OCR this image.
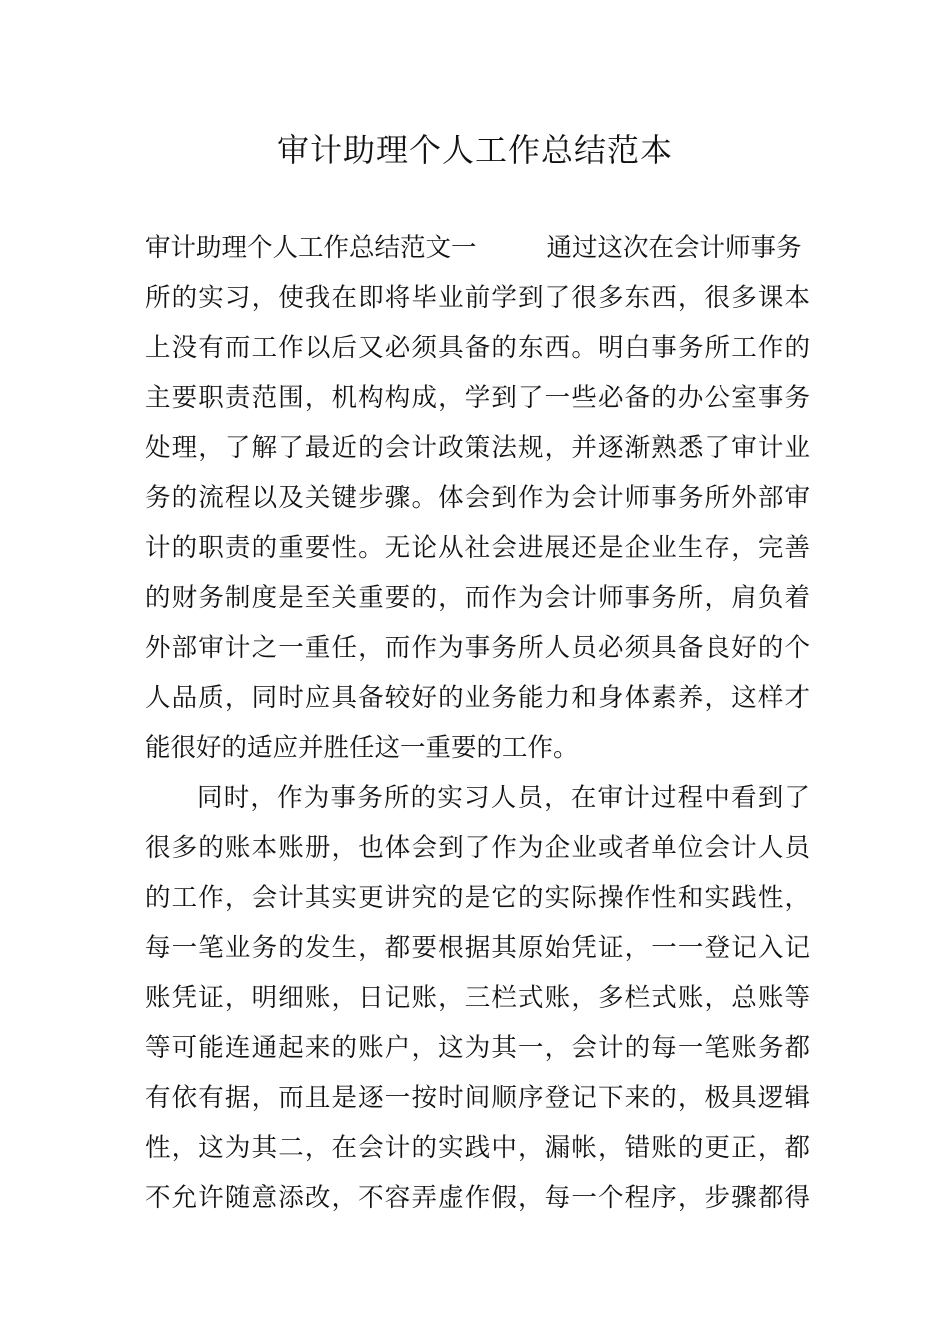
审计助理个人工作总结范本

审计助理个人工作总结范文一	通过这次在会计师事务

所的实习，使我在即将毕业前学到了很多东西，很多课本

上没有而工作以后又必须具备的东西。明白事务所工作的

主要职责范围，机构构成，学到了一些必备的办公室事务

处理，了解了最近的会计政策法规，并逐渐熟悉了审计业

务的流程以及关键步骤。体会到作为会计师事务所外部审

计的职责的重要性。无论从社会进展还是企业生存，完善

的财务制度是至关重要的，而作为会计师事务所，肩负着

外部审计之一重任，而作为事务所人员必须具备良好的个

人品质，同时应具备较好的业务能力和身体素养，这样才

能很好的适应并胜任这一重要的工作。

同时，作为事务所的实习人员，在审计过程中看到了

很多的账本账册，也体会到了作为企业或者单位会计人员

的工作，会计其实更讲究的是它的实际操作性和实践性，

每一笔业务的发生，都要根据其原始凭证，一一登记入记

账凭证，明细账，日记账，三栏式账，多栏式账，总账等

等可能连通起来的账户，这为其一，会计的每一笔账务都

有依有据，而且是逐一按时间顺序登记下来的，极具逻辑

性，这为其二，在会计的实践中，漏帐，错账的更正，都

不允许随意添改，不容弄虚作假，每一个程序，步骤都得
